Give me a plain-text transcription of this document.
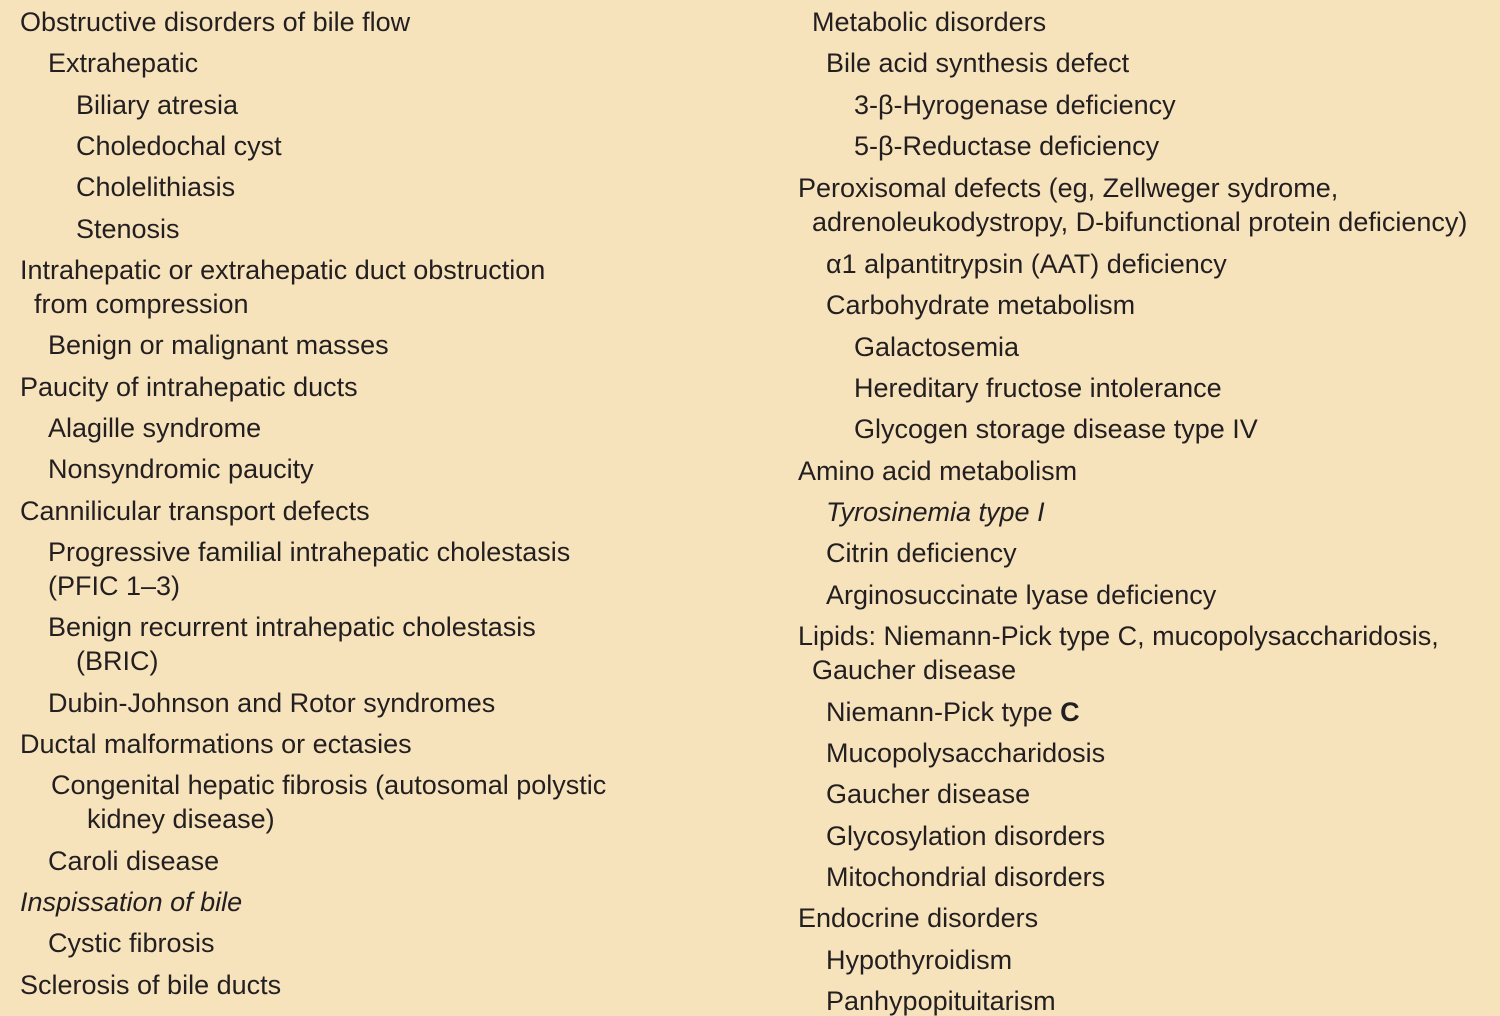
Obstructive disorders of bile flow
Extrahepatic
Biliary atresia
Choledochal cyst
Cholelithiasis
Stenosis
Intrahepatic or extrahepatic duct obstruction
from compression
Benign or malignant masses
Paucity of intrahepatic ducts
Alagille syndrome
Nonsyndromic paucity
Cannilicular transport defects
Progressive familial intrahepatic cholestasis
(PFIC 1–3)
Benign recurrent intrahepatic cholestasis
(BRIC)
Dubin-Johnson and Rotor syndromes
Ductal malformations or ectasies
Congenital hepatic fibrosis (autosomal polystic
kidney disease)
Caroli disease
Inspissation of bile
Cystic fibrosis
Sclerosis of bile ducts
Metabolic disorders
Bile acid synthesis defect
3-β-Hyrogenase deficiency
5-β-Reductase deficiency
Peroxisomal defects (eg, Zellweger sydrome,
adrenoleukodystropy, D-bifunctional protein deficiency)
α1 alpantitrypsin (AAT) deficiency
Carbohydrate metabolism
Galactosemia
Hereditary fructose intolerance
Glycogen storage disease type IV
Amino acid metabolism
Tyrosinemia type I
Citrin deficiency
Arginosuccinate lyase deficiency
Lipids: Niemann-Pick type C, mucopolysaccharidosis,
Gaucher disease
Niemann-Pick type C
Mucopolysaccharidosis
Gaucher disease
Glycosylation disorders
Mitochondrial disorders
Endocrine disorders
Hypothyroidism
Panhypopituitarism
